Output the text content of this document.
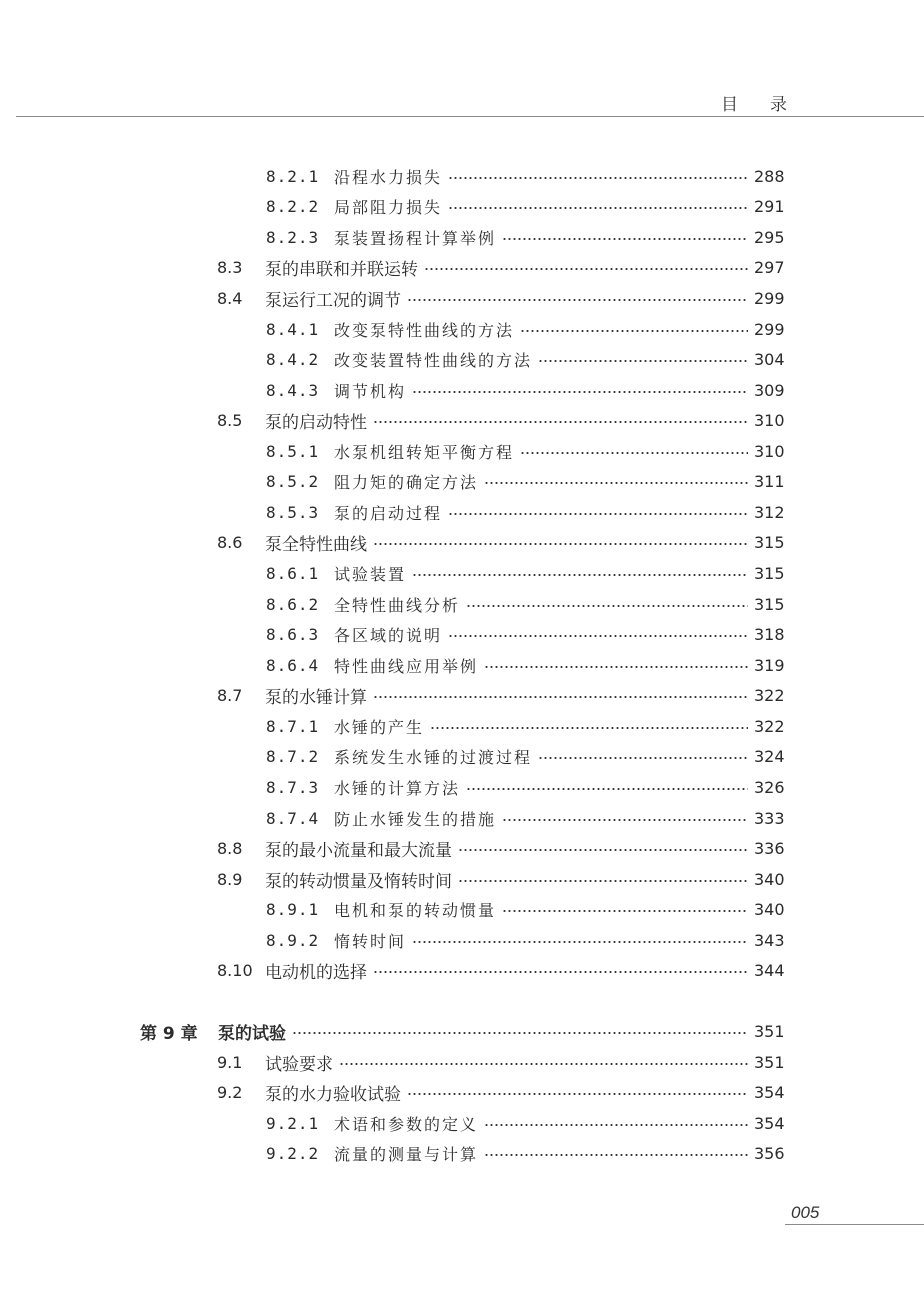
目 录
8.2.1 沿程水力损失	288
8.2.2 局部阻力损失	291
8.2.3 泵装置扬程计算举例	295
8.3	泵的串联和并联运转	297
8.4	泵运行工况的调节	299
8.4.1 改变泵特性曲线的方法	299
8.4.2 改变装置特性曲线的方法	304
8.4.3 调节机构	309
8.5	泵的启动特性	310
8.5.1 水泵机组转矩平衡方程	310
8.5.2 阻力矩的确定方法	311
8.5.3 泵的启动过程	312
8.6	泵全特性曲线	315
8.6.1 试验装置	315
8.6.2 全特性曲线分析	315
8.6.3 各区域的说明	318
8.6.4 特性曲线应用举例	319
8.7	泵的水锤计算	322
8.7.1 水锤的产生	322
8.7.2 系统发生水锤的过渡过程	324
8.7.3 水锤的计算方法	326
8.7.4 防止水锤发生的措施	333
8.8	泵的最小流量和最大流量	336
8.9	泵的转动惯量及惰转时间	340
8.9.1 电机和泵的转动惯量	340
8.9.2 惰转时间	343
8.10 电动机的选择	344
第 9 章	泵的试验	351
9.1	试验要求	351
9.2	泵的水力验收试验	354
9.2.1 术语和参数的定义	354
9.2.2 流量的测量与计算	356
005
